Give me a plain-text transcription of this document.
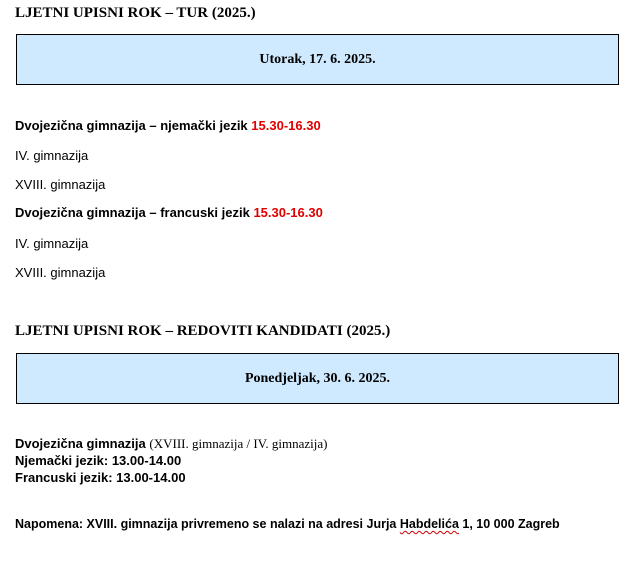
LJETNI UPISNI ROK – TUR (2025.)
Utorak, 17. 6. 2025.
Dvojezična gimnazija – njemački jezik 15.30-16.30
IV. gimnazija
XVIII. gimnazija
Dvojezična gimnazija – francuski jezik 15.30-16.30
IV. gimnazija
XVIII. gimnazija
LJETNI UPISNI ROK – REDOVITI KANDIDATI (2025.)
Ponedjeljak, 30. 6. 2025.
Dvojezična gimnazija (XVIII. gimnazija / IV. gimnazija)
Njemački jezik: 13.00-14.00
Francuski jezik: 13.00-14.00
Napomena: XVIII. gimnazija privremeno se nalazi na adresi Jurja Habdelića 1, 10 000 Zagreb
